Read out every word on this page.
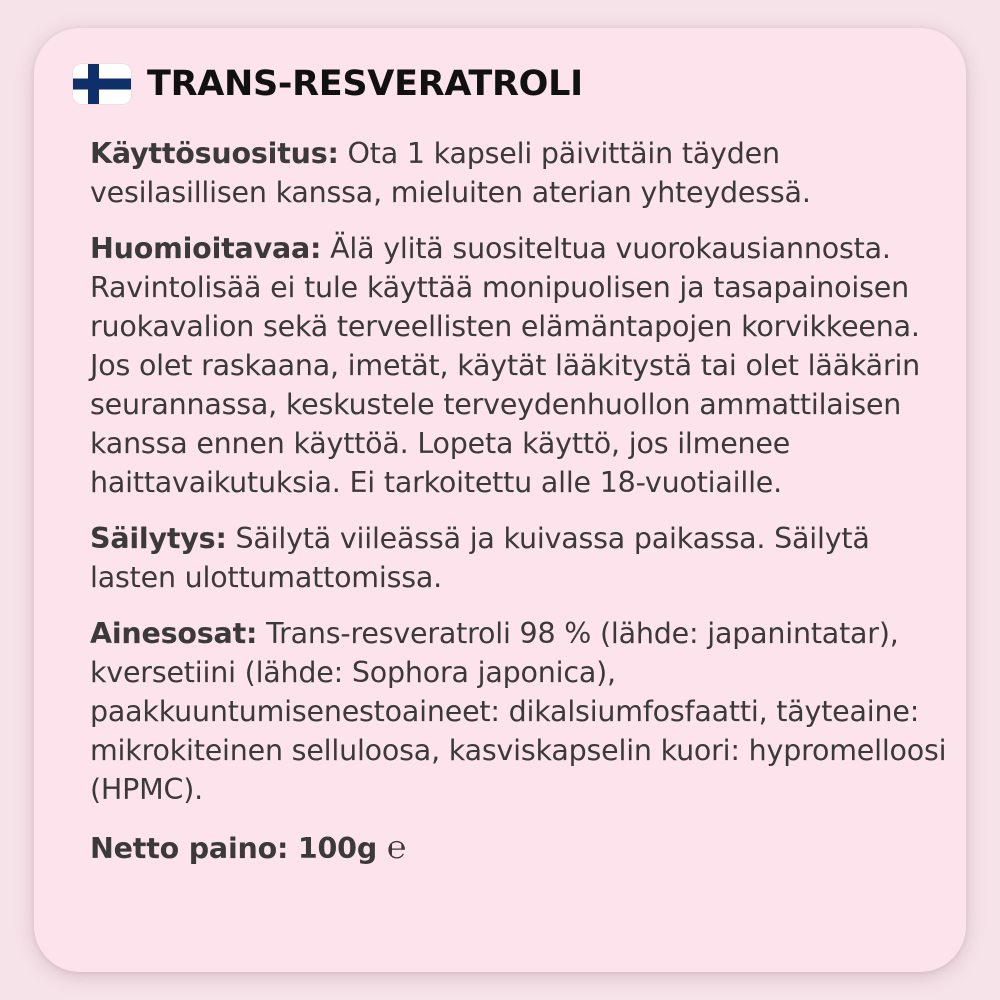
TRANS-RESVERATROLI

Käyttösuositus: Ota 1 kapseli päivittäin täyden vesilasillisen kanssa, mieluiten aterian yhteydessä.

Huomioitavaa: Älä ylitä suositeltua vuorokausiannosta. Ravintolisää ei tule käyttää monipuolisen ja tasapainoisen ruokavalion sekä terveellisten elämäntapojen korvikkeena. Jos olet raskaana, imetät, käytät lääkitystä tai olet lääkärin seurannassa, keskustele terveydenhuollon ammattilaisen kanssa ennen käyttöä. Lopeta käyttö, jos ilmenee haittavaikutuksia. Ei tarkoitettu alle 18-vuotiaille.

Säilytys: Säilytä viileässä ja kuivassa paikassa. Säilytä lasten ulottumattomissa.

Ainesosat: Trans-resveratroli 98 % (lähde: japanintatar), kversetiini (lähde: Sophora japonica), paakkuuntumisenestoaineet: dikalsiumfosfaatti, täyteaine: mikrokiteinen selluloosa, kasviskapselin kuori: hypromelloosi (HPMC).

Netto paino: 100g ℮
